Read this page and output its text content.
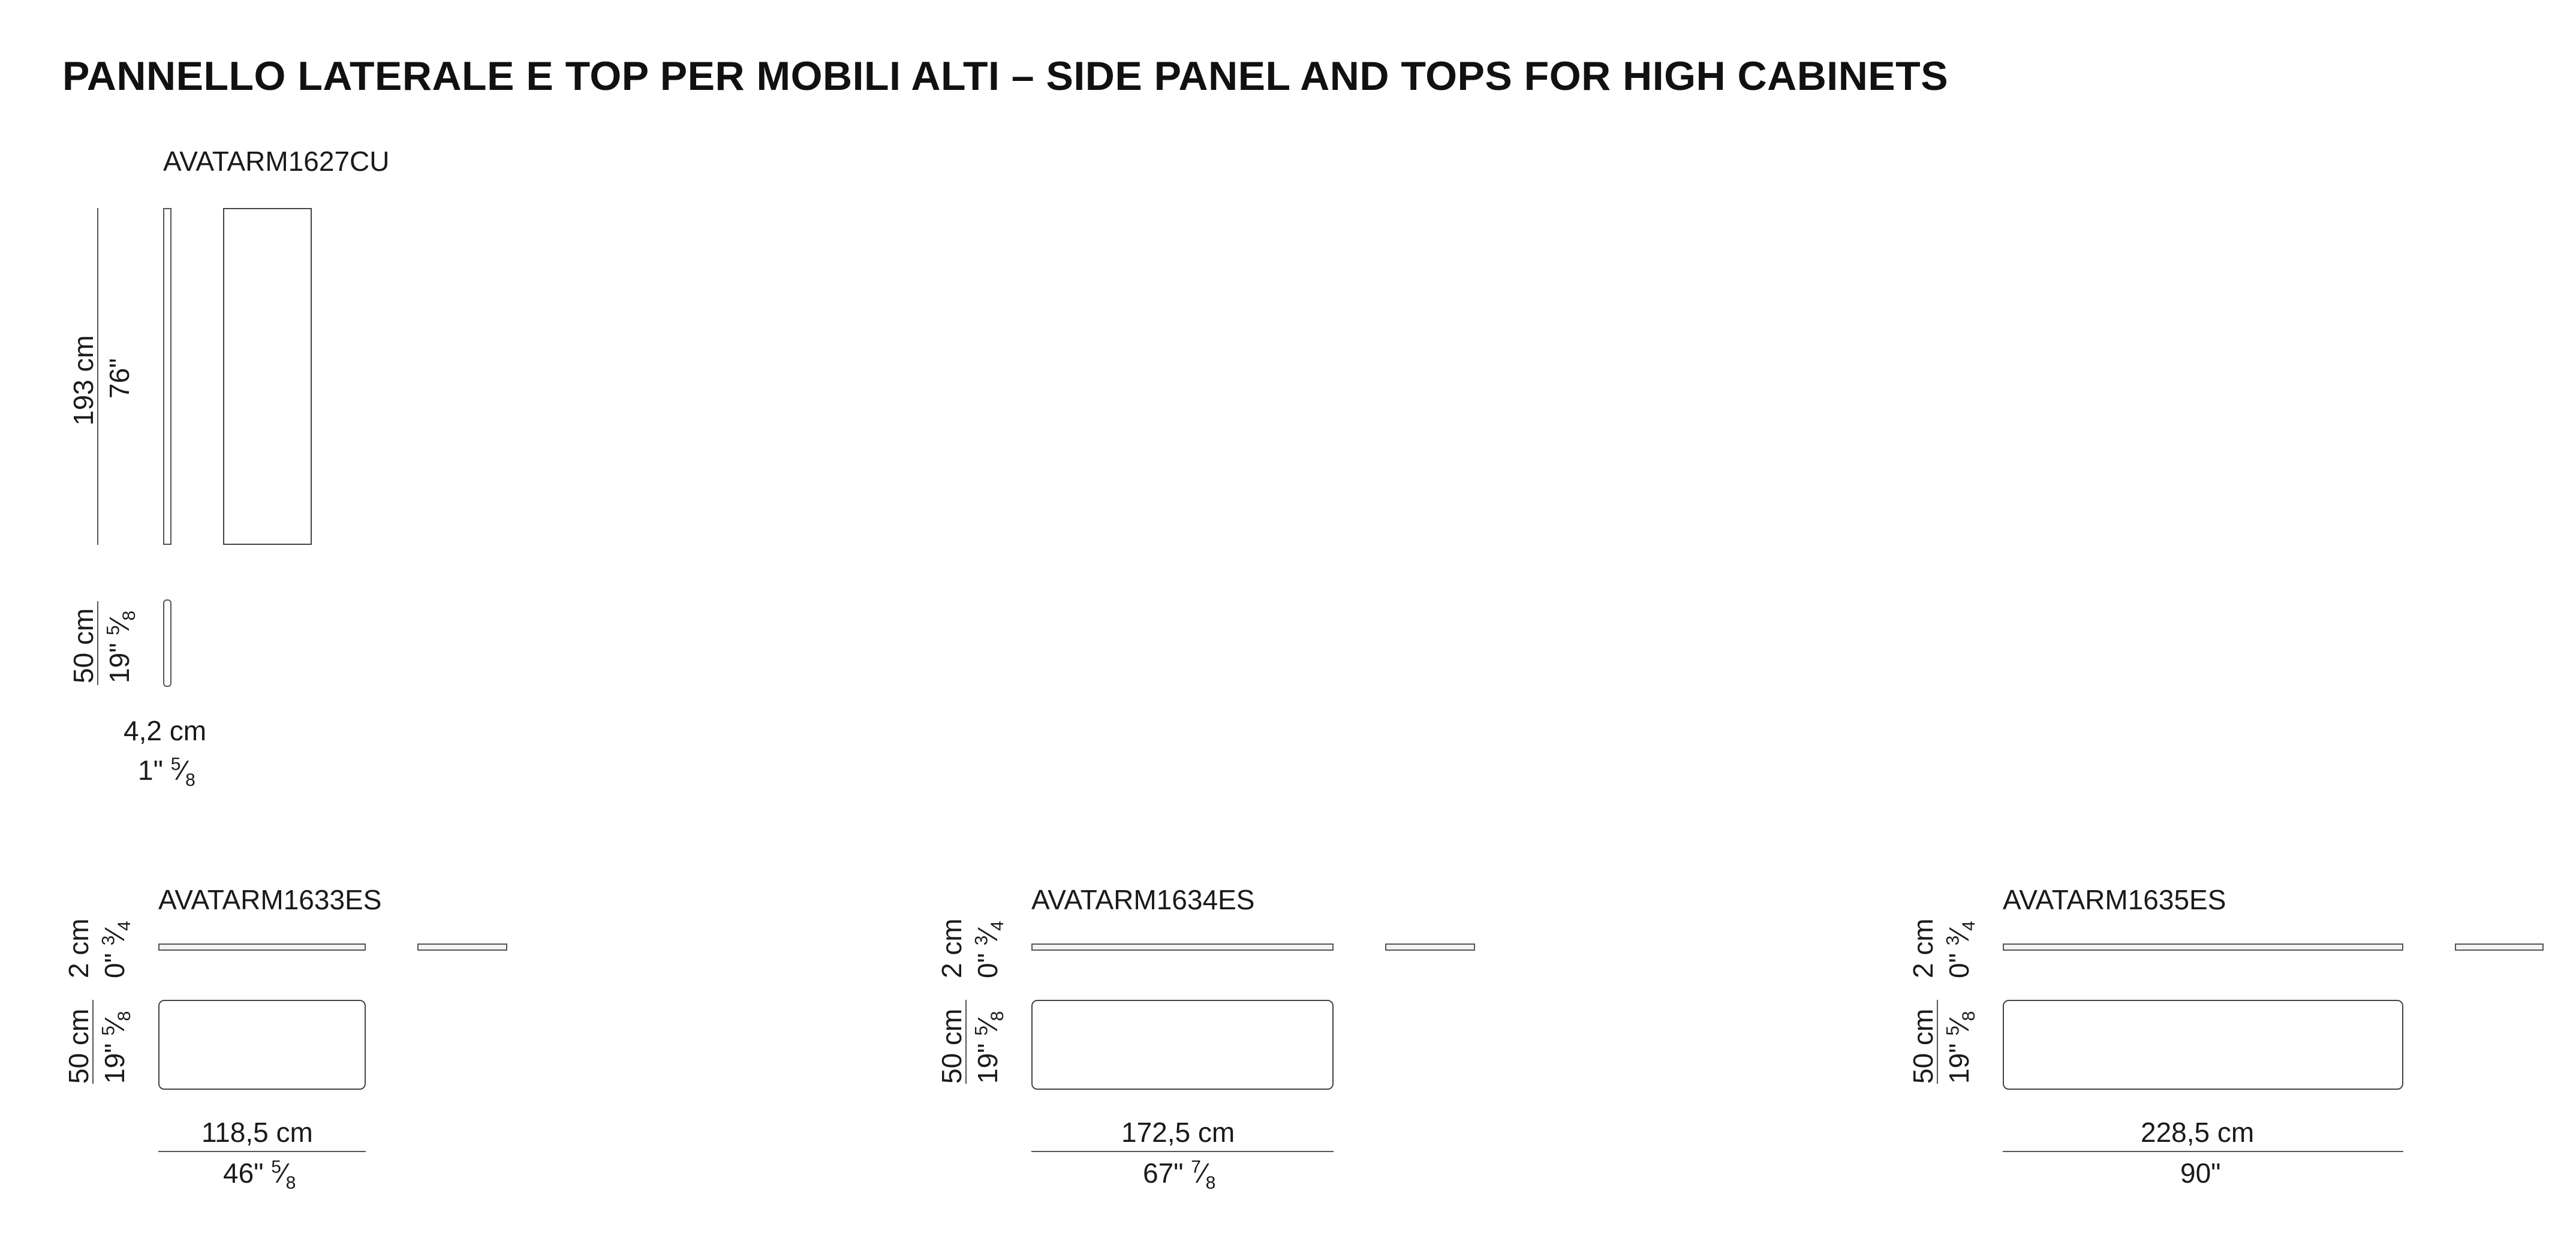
PANNELLO LATERALE E TOP PER MOBILI ALTI – SIDE PANEL AND TOPS FOR HIGH CABINETS
AVATARM1627CU
193 cm 76"
50 cm 19" $^5⁄_8$
4,2 cm
1" $^5⁄_8$
AVATARM1633ES
2 cm 0" $^3⁄_4$
50 cm 19" $^5⁄_8$
118,5 cm
46" $^5⁄_8$
AVATARM1634ES
2 cm 0" $^3⁄_4$
50 cm 19" $^5⁄_8$
172,5 cm
67" $^7⁄_8$
AVATARM1635ES
2 cm 0" $^3⁄_4$
50 cm 19" $^5⁄_8$
228,5 cm
90"
